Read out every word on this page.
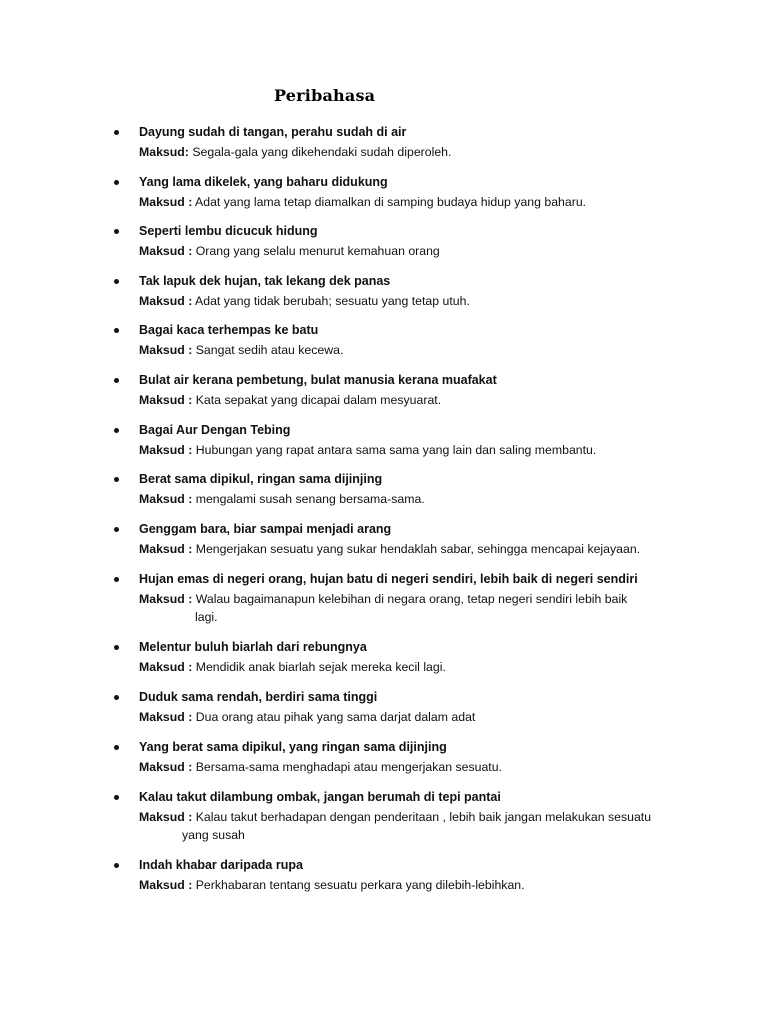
Peribahasa
Dayung sudah di tangan, perahu sudah di air
Maksud: Segala-gala yang dikehendaki sudah diperoleh.
Yang lama dikelek, yang baharu didukung
Maksud : Adat yang lama tetap diamalkan di samping budaya hidup yang baharu.
Seperti lembu dicucuk hidung
Maksud : Orang yang selalu menurut kemahuan orang
Tak lapuk dek hujan, tak lekang dek panas
Maksud : Adat yang tidak berubah; sesuatu yang tetap utuh.
Bagai kaca terhempas ke batu
Maksud : Sangat sedih atau kecewa.
Bulat air kerana pembetung, bulat manusia kerana muafakat
Maksud : Kata sepakat yang dicapai dalam mesyuarat.
Bagai Aur Dengan Tebing
Maksud : Hubungan yang rapat antara sama sama yang lain dan saling membantu.
Berat sama dipikul, ringan sama dijinjing
Maksud : mengalami susah senang bersama-sama.
Genggam bara, biar sampai menjadi arang
Maksud : Mengerjakan sesuatu yang sukar hendaklah sabar, sehingga mencapai kejayaan.
Hujan emas di negeri orang, hujan batu di negeri sendiri, lebih baik di negeri sendiri
Maksud : Walau bagaimanapun kelebihan di negara orang, tetap negeri sendiri lebih baik
lagi.
Melentur buluh biarlah dari rebungnya
Maksud : Mendidik anak biarlah sejak mereka kecil lagi.
Duduk sama rendah, berdiri sama tinggi
Maksud : Dua orang atau pihak yang sama darjat dalam adat
Yang berat sama dipikul, yang ringan sama dijinjing
Maksud : Bersama-sama menghadapi atau mengerjakan sesuatu.
Kalau takut dilambung ombak, jangan berumah di tepi pantai
Maksud : Kalau takut berhadapan dengan penderitaan , lebih baik jangan melakukan sesuatu
yang susah
Indah khabar daripada rupa
Maksud : Perkhabaran tentang sesuatu perkara yang dilebih-lebihkan.
